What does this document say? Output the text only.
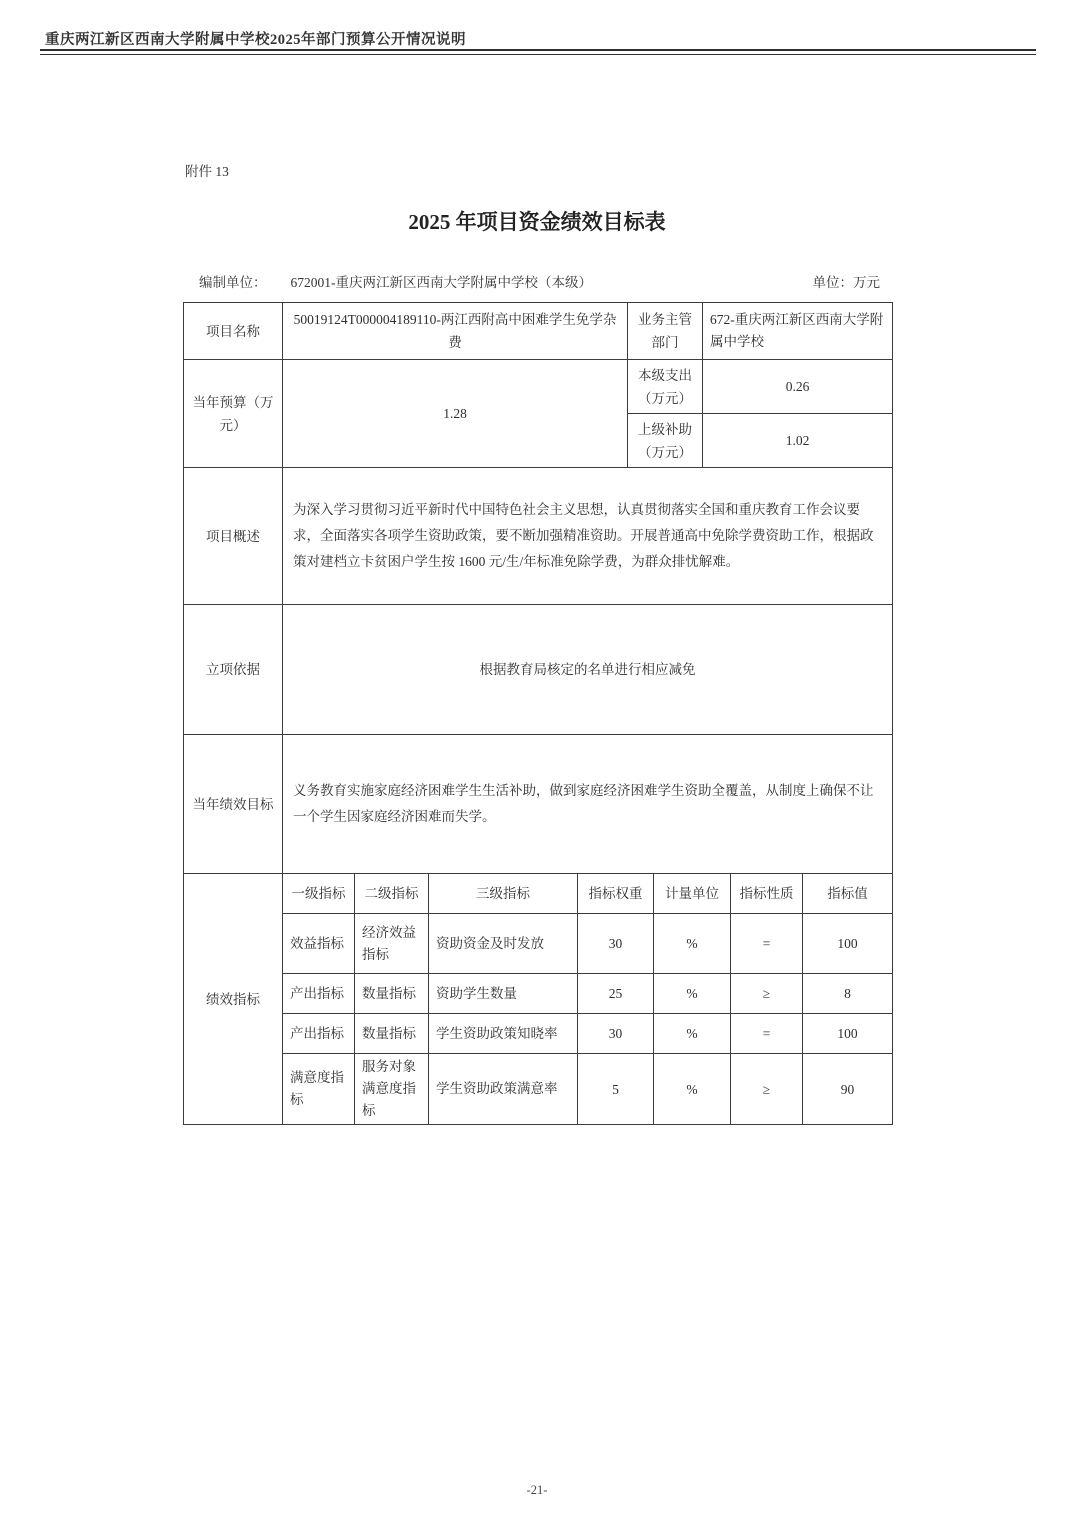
重庆两江新区西南大学附属中学校2025年部门预算公开情况说明
附件 13
2025 年项目资金绩效目标表
编制单位： 672001-重庆两江新区西南大学附属中学校（本级）	单位：万元
项目名称	50019124T000004189110-两江西附高中困难学生免学杂费	业务主管部门	672-重庆两江新区西南大学附属中学校
当年预算（万元）	1.28	本级支出（万元）	0.26
		上级补助（万元）	1.02
项目概述	为深入学习贯彻习近平新时代中国特色社会主义思想，认真贯彻落实全国和重庆教育工作会议要求，全面落实各项学生资助政策，要不断加强精准资助。开展普通高中免除学费资助工作，根据政策对建档立卡贫困户学生按 1600 元/生/年标准免除学费，为群众排忧解难。		
立项依据	根据教育局核定的名单进行相应减免		
当年绩效目标	义务教育实施家庭经济困难学生生活补助，做到家庭经济困难学生资助全覆盖，从制度上确保不让一个学生因家庭经济困难而失学。		
绩效指标	一级指标	二级指标	三级指标	指标权重	计量单位	指标性质	指标值
	效益指标	经济效益指标	资助资金及时发放	30	%	=	100
	产出指标	数量指标	资助学生数量	25	%	≥	8
	产出指标	数量指标	学生资助政策知晓率	30	%	=	100
	满意度指标	服务对象满意度指标	学生资助政策满意率	5	%	≥	90
-21-
